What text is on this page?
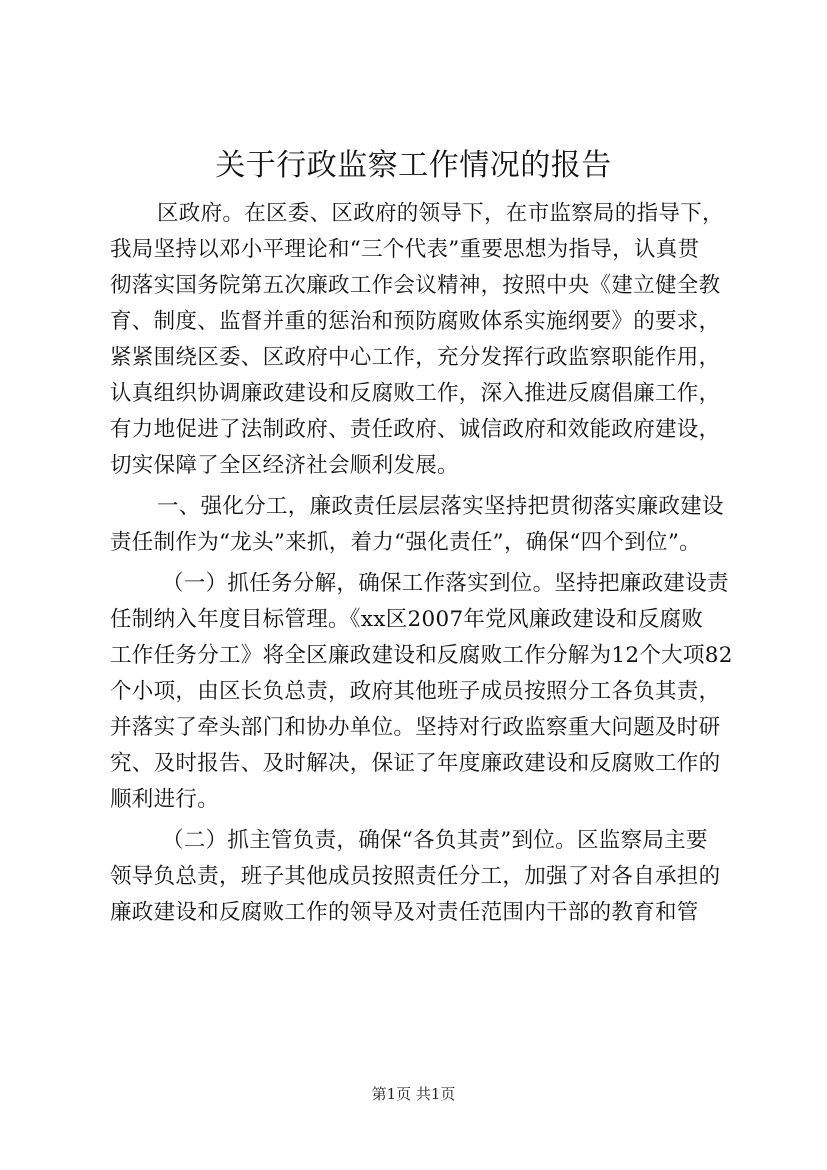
关于行政监察工作情况的报告
区政府。在区委、区政府的领导下，在市监察局的指导下，
我局坚持以邓小平理论和“三个代表”重要思想为指导，认真贯
彻落实国务院第五次廉政工作会议精神，按照中央《建立健全教
育、制度、监督并重的惩治和预防腐败体系实施纲要》的要求，
紧紧围绕区委、区政府中心工作，充分发挥行政监察职能作用，
认真组织协调廉政建设和反腐败工作，深入推进反腐倡廉工作，
有力地促进了法制政府、责任政府、诚信政府和效能政府建设，
切实保障了全区经济社会顺利发展。
一、强化分工，廉政责任层层落实坚持把贯彻落实廉政建设
责任制作为“龙头”来抓，着力“强化责任”，确保“四个到位”。
（一）抓任务分解，确保工作落实到位。坚持把廉政建设责
任制纳入年度目标管理。《xx区2007年党风廉政建设和反腐败
工作任务分工》将全区廉政建设和反腐败工作分解为12个大项82
个小项，由区长负总责，政府其他班子成员按照分工各负其责，
并落实了牵头部门和协办单位。坚持对行政监察重大问题及时研
究、及时报告、及时解决，保证了年度廉政建设和反腐败工作的
顺利进行。
（二）抓主管负责，确保“各负其责”到位。区监察局主要
领导负总责，班子其他成员按照责任分工，加强了对各自承担的
廉政建设和反腐败工作的领导及对责任范围内干部的教育和管
第1页 共1页
